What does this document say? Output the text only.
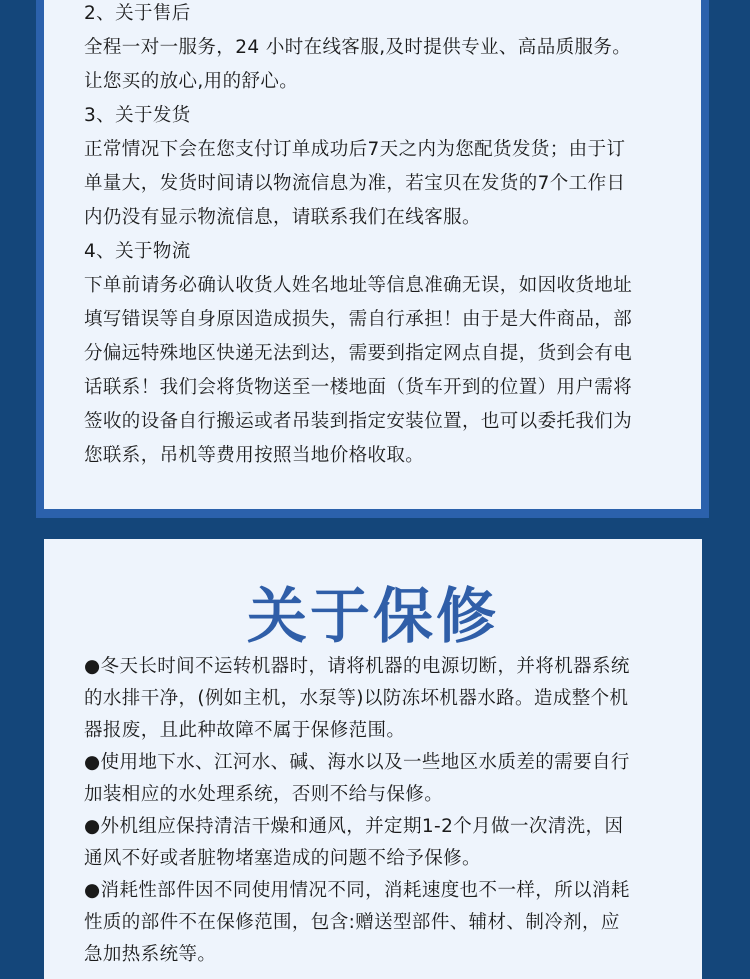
2、关于售后

全程一对一服务，24 小时在线客服,及时提供专业、高品质服务。

让您买的放心,用的舒心。

3、关于发货

正常情况下会在您支付订单成功后7天之内为您配货发货；由于订

单量大，发货时间请以物流信息为准，若宝贝在发货的7个工作日

内仍没有显示物流信息，请联系我们在线客服。

4、关于物流

下单前请务必确认收货人姓名地址等信息准确无误，如因收货地址

填写错误等自身原因造成损失，需自行承担！由于是大件商品，部

分偏远特殊地区快递无法到达，需要到指定网点自提，货到会有电

话联系！我们会将货物送至一楼地面（货车开到的位置）用户需将

签收的设备自行搬运或者吊装到指定安装位置，也可以委托我们为

您联系，吊机等费用按照当地价格收取。

关于保修

●冬天长时间不运转机器时，请将机器的电源切断，并将机器系统

的水排干净，(例如主机，水泵等)以防冻坏机器水路。造成整个机

器报废，且此种故障不属于保修范围。

●使用地下水、江河水、碱、海水以及一些地区水质差的需要自行

加装相应的水处理系统，否则不给与保修。

●外机组应保持清洁干燥和通风，并定期1-2个月做一次清洗，因

通风不好或者脏物堵塞造成的问题不给予保修。

●消耗性部件因不同使用情况不同，消耗速度也不一样，所以消耗

性质的部件不在保修范围，包含:赠送型部件、辅材、制冷剂，应

急加热系统等。
